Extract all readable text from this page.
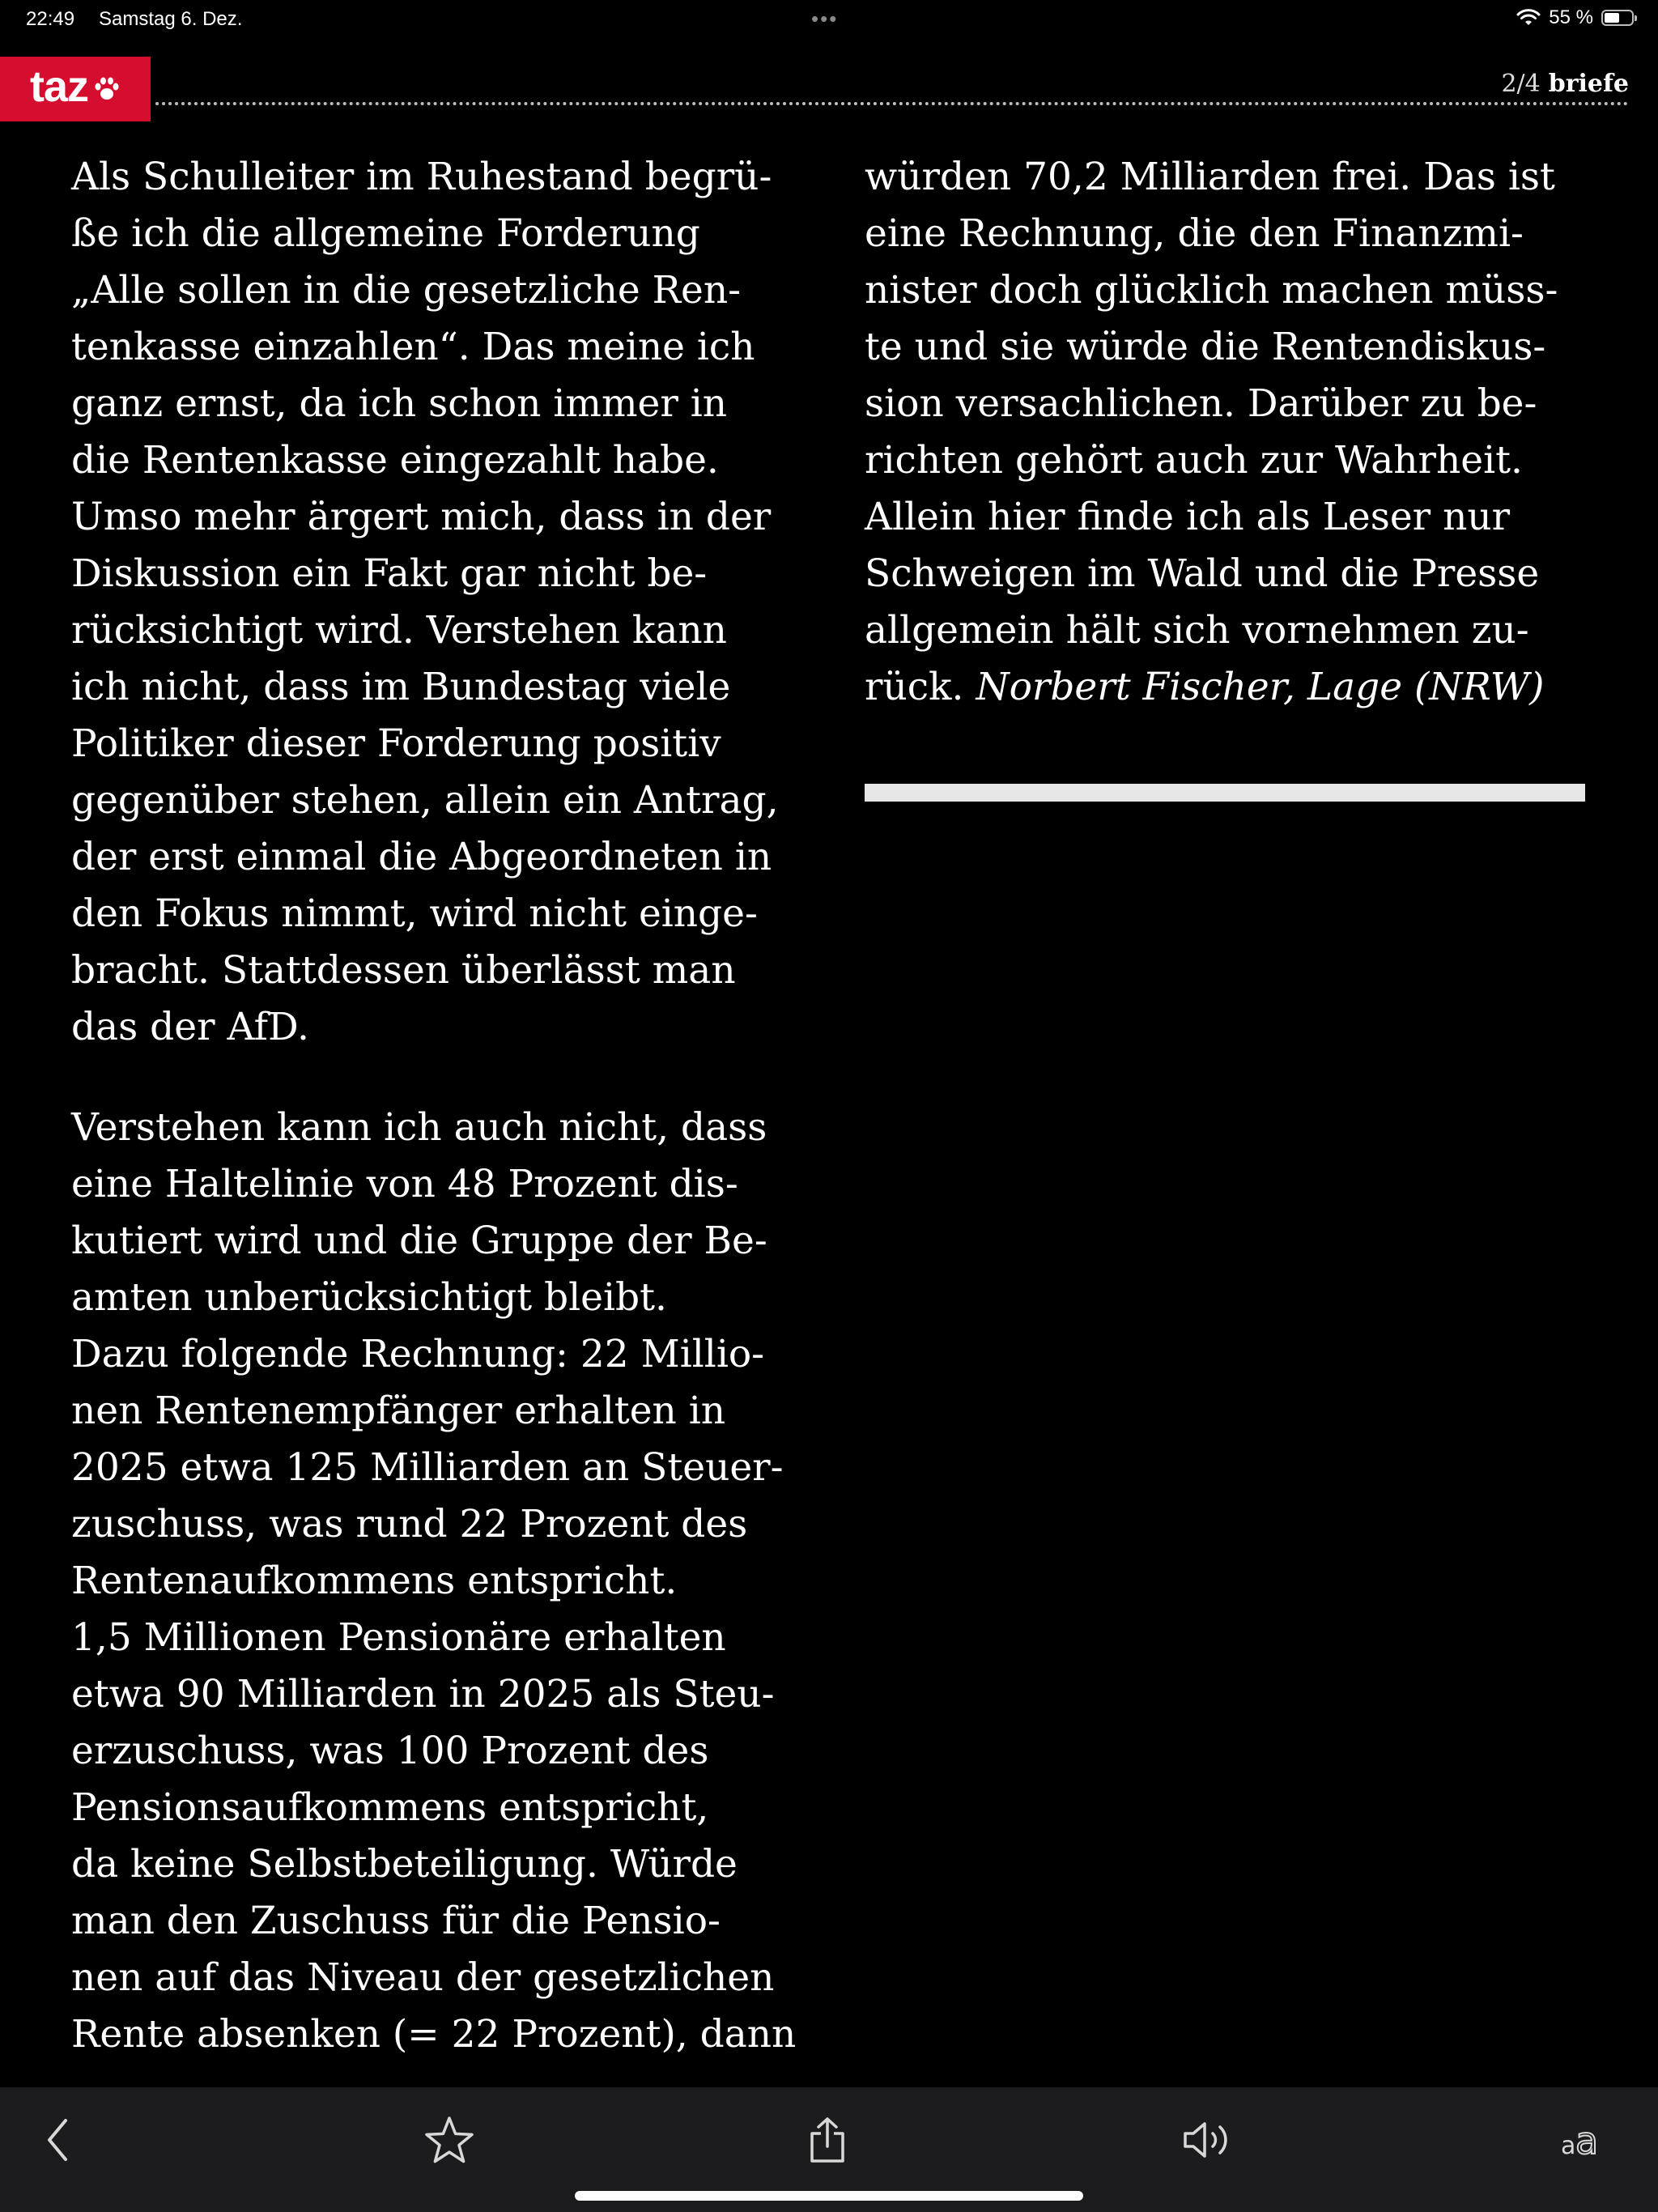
22:49 Samstag 6. Dez.	•••	55 %
taz	2/4 briefe
Als Schulleiter im Ruhestand begrü-
ße ich die allgemeine Forderung
„Alle sollen in die gesetzliche Ren-
tenkasse einzahlen“. Das meine ich
ganz ernst, da ich schon immer in
die Rentenkasse eingezahlt habe.
Umso mehr ärgert mich, dass in der
Diskussion ein Fakt gar nicht be-
rücksichtigt wird. Verstehen kann
ich nicht, dass im Bundestag viele
Politiker dieser Forderung positiv
gegenüber stehen, allein ein Antrag,
der erst einmal die Abgeordneten in
den Fokus nimmt, wird nicht einge-
bracht. Stattdessen überlässt man
das der AfD.
Verstehen kann ich auch nicht, dass
eine Haltelinie von 48 Prozent dis-
kutiert wird und die Gruppe der Be-
amten unberücksichtigt bleibt.
Dazu folgende Rechnung: 22 Millio-
nen Rentenempfänger erhalten in
2025 etwa 125 Milliarden an Steuer-
zuschuss, was rund 22 Prozent des
Rentenaufkommens entspricht.
1,5 Millionen Pensionäre erhalten
etwa 90 Milliarden in 2025 als Steu-
erzuschuss, was 100 Prozent des
Pensionsaufkommens entspricht,
da keine Selbstbeteiligung. Würde
man den Zuschuss für die Pensio-
nen auf das Niveau der gesetzlichen
Rente absenken (= 22 Prozent), dann
würden 70,2 Milliarden frei. Das ist
eine Rechnung, die den Finanzmi-
nister doch glücklich machen müss-
te und sie würde die Rentendiskus-
sion versachlichen. Darüber zu be-
richten gehört auch zur Wahrheit.
Allein hier finde ich als Leser nur
Schweigen im Wald und die Presse
allgemein hält sich vornehmen zu-
rück. Norbert Fischer, Lage (NRW)
a a
